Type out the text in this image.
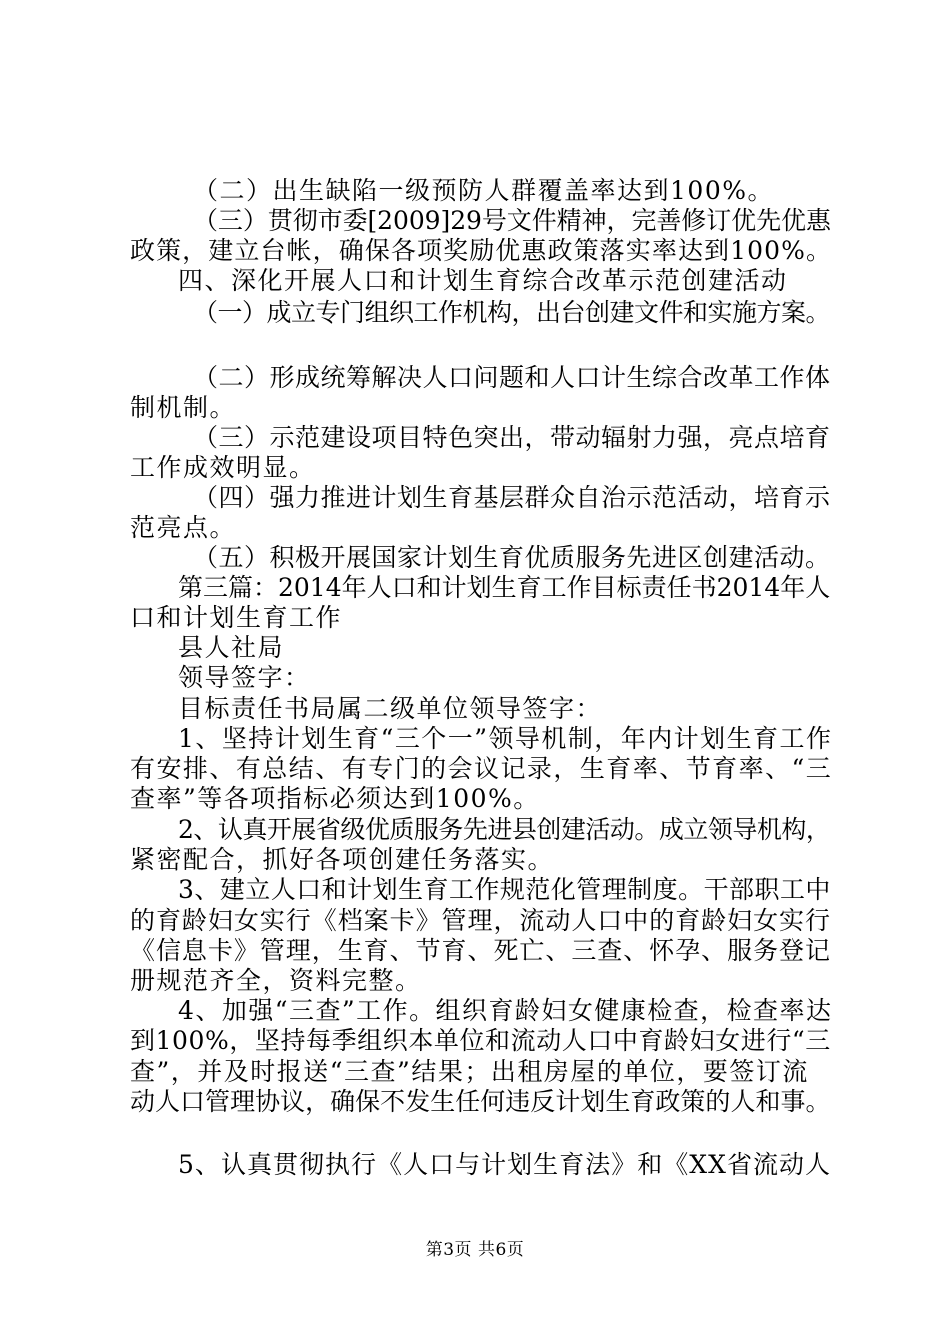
（二）出生缺陷一级预防人群覆盖率达到100%。
（三）贯彻市委[2009]29号文件精神，完善修订优先优惠
政策，建立台帐，确保各项奖励优惠政策落实率达到100%。
四、深化开展人口和计划生育综合改革示范创建活动
（一）成立专门组织工作机构，出台创建文件和实施方案。
（二）形成统筹解决人口问题和人口计生综合改革工作体
制机制。
（三）示范建设项目特色突出，带动辐射力强，亮点培育
工作成效明显。
（四）强力推进计划生育基层群众自治示范活动，培育示
范亮点。
（五）积极开展国家计划生育优质服务先进区创建活动。
第三篇：2014年人口和计划生育工作目标责任书2014年人
口和计划生育工作
县人社局
领导签字：
目标责任书局属二级单位领导签字：
1、坚持计划生育“三个一”领导机制，年内计划生育工作
有安排、有总结、有专门的会议记录，生育率、节育率、“三
查率”等各项指标必须达到100%。
2、认真开展省级优质服务先进县创建活动。成立领导机构，
紧密配合，抓好各项创建任务落实。
3、建立人口和计划生育工作规范化管理制度。干部职工中
的育龄妇女实行《档案卡》管理，流动人口中的育龄妇女实行
《信息卡》管理，生育、节育、死亡、三查、怀孕、服务登记
册规范齐全，资料完整。
4、加强“三查”工作。组织育龄妇女健康检查，检查率达
到100%，坚持每季组织本单位和流动人口中育龄妇女进行“三
查”，并及时报送“三查”结果；出租房屋的单位，要签订流
动人口管理协议，确保不发生任何违反计划生育政策的人和事。
5、认真贯彻执行《人口与计划生育法》和《XX省流动人
第3页 共6页
